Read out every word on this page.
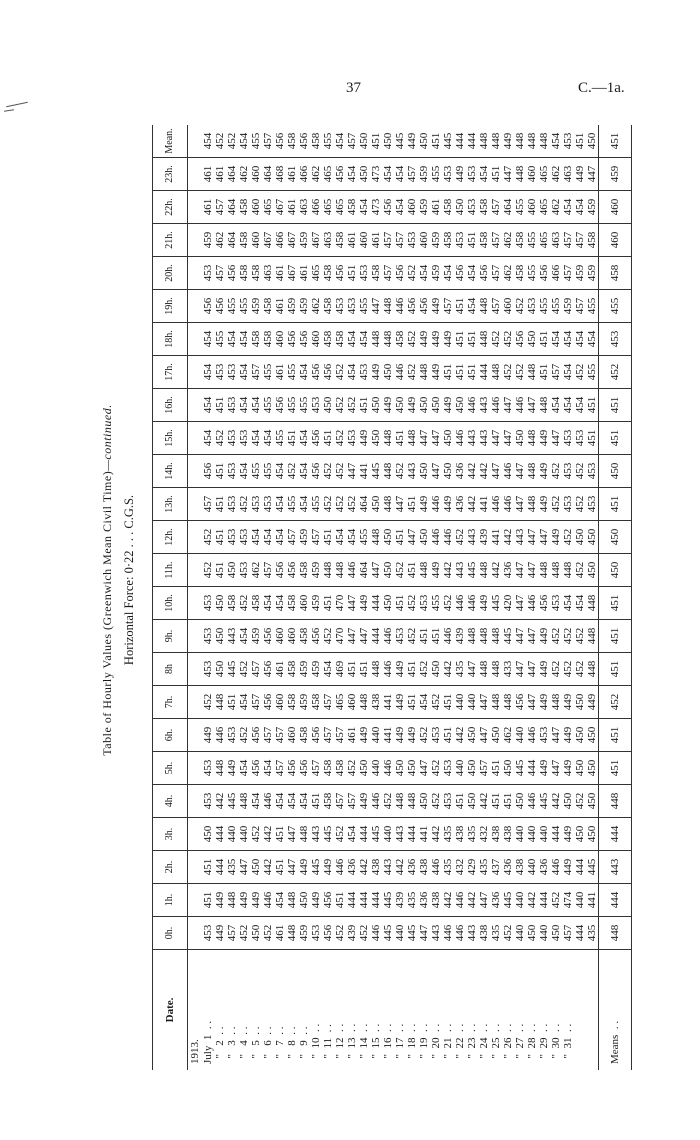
37	C.—1a.
Table of Hourly Values (Greenwich Mean Civil Time)—continued.
Horizontal Force: 0·22 . . . C.G.S.
Date.	0h.	1h.	2h.	3h.	4h.	5h.	6h.	7h.	8h	9h.	10h.	11h.	12h.	13h.	14h.	15h.	16h.	17h.	18h.	19h.	20h.	21h.	22h.	23h.	Mean.
1913.																									
July  1  . .	453	451	451	450	453	453	449	452	453	453	453	452	452	457	456	454	454	454	454	456	453	459	461	461	454
"   2  . .	449	449	444	444	442	448	446	448	450	450	450	451	451	451	451	452	451	453	455	456	457	462	457	461	452
"   3  . .	457	448	435	440	445	449	453	451	445	443	458	450	453	453	453	453	453	453	454	455	456	464	464	464	452
"   4  . .	452	449	447	440	448	454	452	454	452	454	452	453	453	452	454	453	454	454	454	455	458	458	458	462	454
"   5  . .	450	449	450	452	454	456	456	457	457	459	458	462	454	453	455	454	454	457	458	459	458	460	460	460	455
"   6  . .	452	446	442	442	446	454	457	456	456	456	454	457	454	453	455	454	455	455	458	458	463	467	465	464	457
"   7  . .	461	454	451	451	454	457	457	460	461	460	454	456	454	454	454	455	456	461	460	461	461	466	467	468	456
"   8  . .	448	448	447	447	454	456	460	458	458	460	458	456	457	455	452	451	455	455	456	459	467	467	461	461	458
"   9  . .	459	450	449	448	454	456	458	459	459	458	460	458	459	454	454	454	455	454	456	459	461	459	463	466	456
"  10  . .	453	449	445	443	451	457	456	458	459	456	459	459	457	455	456	456	453	456	460	462	465	467	466	462	458
"  11  . .	456	456	449	445	458	458	457	457	454	452	451	448	451	452	452	451	450	456	458	458	458	463	465	465	455
"  12  . .	452	451	446	452	457	458	457	465	469	470	470	448	454	452	452	452	452	452	458	453	456	458	465	456	454
"  13  . .	439	444	436	454	457	452	461	460	451	447	447	446	454	452	447	453	452	454	454	453	451	461	458	454	457
"  14  . .	452	444	442	444	449	450	449	448	451	447	449	464	455	464	441	449	451	453	454	455	453	460	454	450	450
"  15  . .	446	444	438	445	446	440	440	438	448	444	444	447	448	450	445	450	450	449	448	447	458	461	473	473	451
"  16  . .	445	445	443	440	452	446	441	441	446	446	450	450	450	448	448	448	449	450	448	448	457	457	456	454	450
"  17  . .	440	439	442	443	448	450	449	449	449	453	451	452	451	447	452	451	450	446	458	446	456	457	454	454	445
"  18  . .	445	435	436	444	448	450	449	451	451	452	452	451	447	451	443	448	449	452	452	456	452	453	460	457	449
"  19  . .	447	436	438	441	450	447	452	454	452	451	453	448	450	449	450	447	450	448	449	456	454	460	459	459	450
"  20  . .	443	438	446	442	452	452	453	452	450	451	455	449	446	446	447	447	450	449	449	449	459	459	461	455	451
"  21  . .	446	442	435	435	453	453	451	451	442	446	452	442	446	449	450	450	449	451	449	457	454	458	458	453	445
"  22  . .	446	446	432	438	451	440	442	440	435	439	446	443	452	436	436	446	450	451	451	451	456	453	450	449	444
"  23  . .	443	442	429	435	450	450	450	440	447	448	446	445	443	442	442	443	446	451	451	454	454	451	453	453	444
"  24  . .	438	447	435	432	442	457	447	447	448	448	449	448	439	441	442	443	443	444	448	448	456	458	458	454	448
"  25  . .	435	436	437	438	451	451	450	448	448	448	445	442	441	446	447	447	446	448	452	457	457	457	457	451	448
"  26  . .	452	445	436	438	451	450	462	448	433	445	420	436	442	446	446	447	447	452	452	460	462	462	464	447	449
"  27  . .	440	440	438	440	450	445	440	456	447	447	447	447	443	447	447	450	446	452	456	452	458	458	455	448	448
"  28  . .	450	442	440	440	446	444	446	447	447	447	446	447	447	448	448	448	447	448	450	453	455	455	460	460	448
"  29  . .	440	444	436	440	445	449	453	449	449	449	456	448	447	449	449	449	448	451	451	455	456	465	465	465	448
"  30  . .	450	452	446	444	442	447	447	448	452	452	453	448	449	452	452	447	454	457	454	455	466	463	462	462	454
"  31  . .	457	474	449	449	450	449	449	449	452	452	454	448	452	453	453	453	454	454	454	459	457	457	454	463	453
	444	440	444	450	452	450	450	450	452	452	454	452	450	452	452	453	454	452	454	457	459	457	454	449	451
	435	441	445	450	450	450	450	449	448	448	448	450	450	453	453	451	451	455	454	455	459	458	459	447	450
Means  . .	448	444	443	444	448	451	451	452	451	451	451	450	450	451	450	451	451	452	453	455	458	460	460	459	451
